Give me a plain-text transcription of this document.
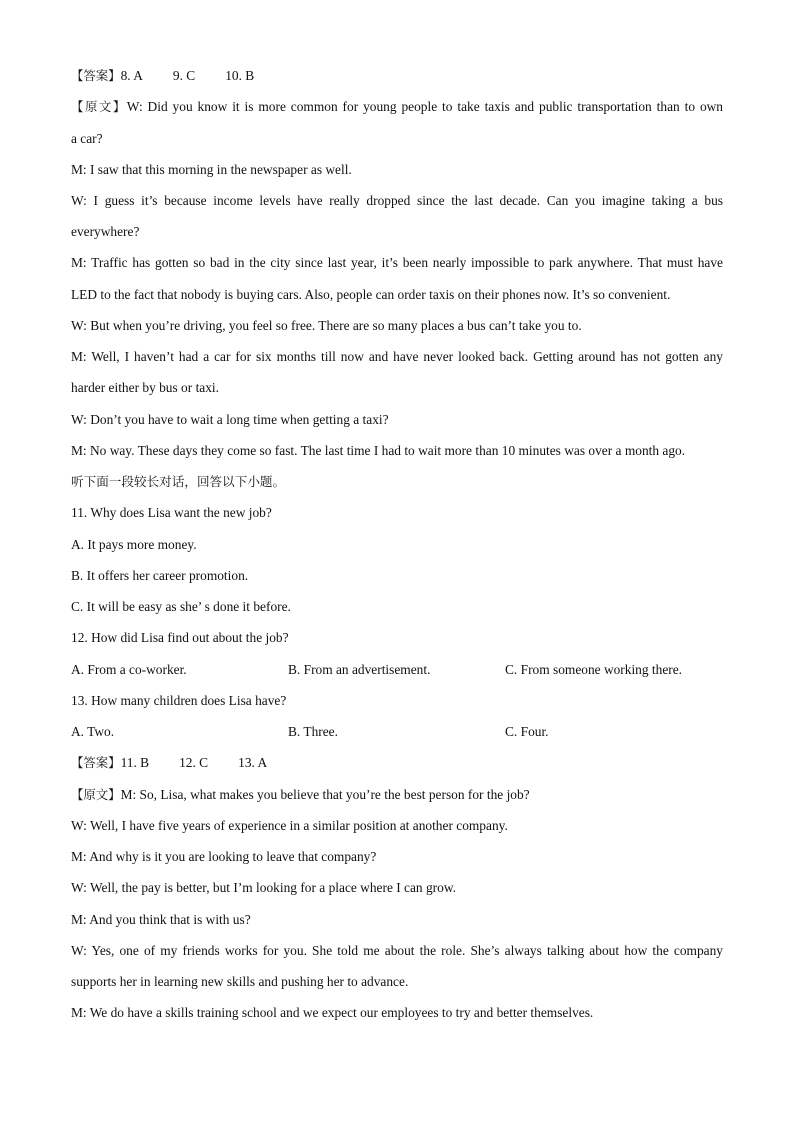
【答案】8. A 9. C 10. B
【原文】W: Did you know it is more common for young people to take taxis and public transportation than to own
a car?
M: I saw that this morning in the newspaper as well.
W: I guess it’s because income levels have really dropped since the last decade. Can you imagine taking a bus
everywhere?
M: Traffic has gotten so bad in the city since last year, it’s been nearly impossible to park anywhere. That must have
LED to the fact that nobody is buying cars. Also, people can order taxis on their phones now. It’s so convenient.
W: But when you’re driving, you feel so free. There are so many places a bus can’t take you to.
M: Well, I haven’t had a car for six months till now and have never looked back. Getting around has not gotten any
harder either by bus or taxi.
W: Don’t you have to wait a long time when getting a taxi?
M: No way. These days they come so fast. The last time I had to wait more than 10 minutes was over a month ago.
听下面一段较长对话，回答以下小题。
11. Why does Lisa want the new job?
A. It pays more money.
B. It offers her career promotion.
C. It will be easy as she’ s done it before.
12. How did Lisa find out about the job?
A. From a co-worker.	B. From an advertisement.	C. From someone working there.
13. How many children does Lisa have?
A. Two.	B. Three.	C. Four.
【答案】11. B 12. C 13. A
【原文】M: So, Lisa, what makes you believe that you’re the best person for the job?
W: Well, I have five years of experience in a similar position at another company.
M: And why is it you are looking to leave that company?
W: Well, the pay is better, but I’m looking for a place where I can grow.
M: And you think that is with us?
W: Yes, one of my friends works for you. She told me about the role. She’s always talking about how the company
supports her in learning new skills and pushing her to advance.
M: We do have a skills training school and we expect our employees to try and better themselves.
